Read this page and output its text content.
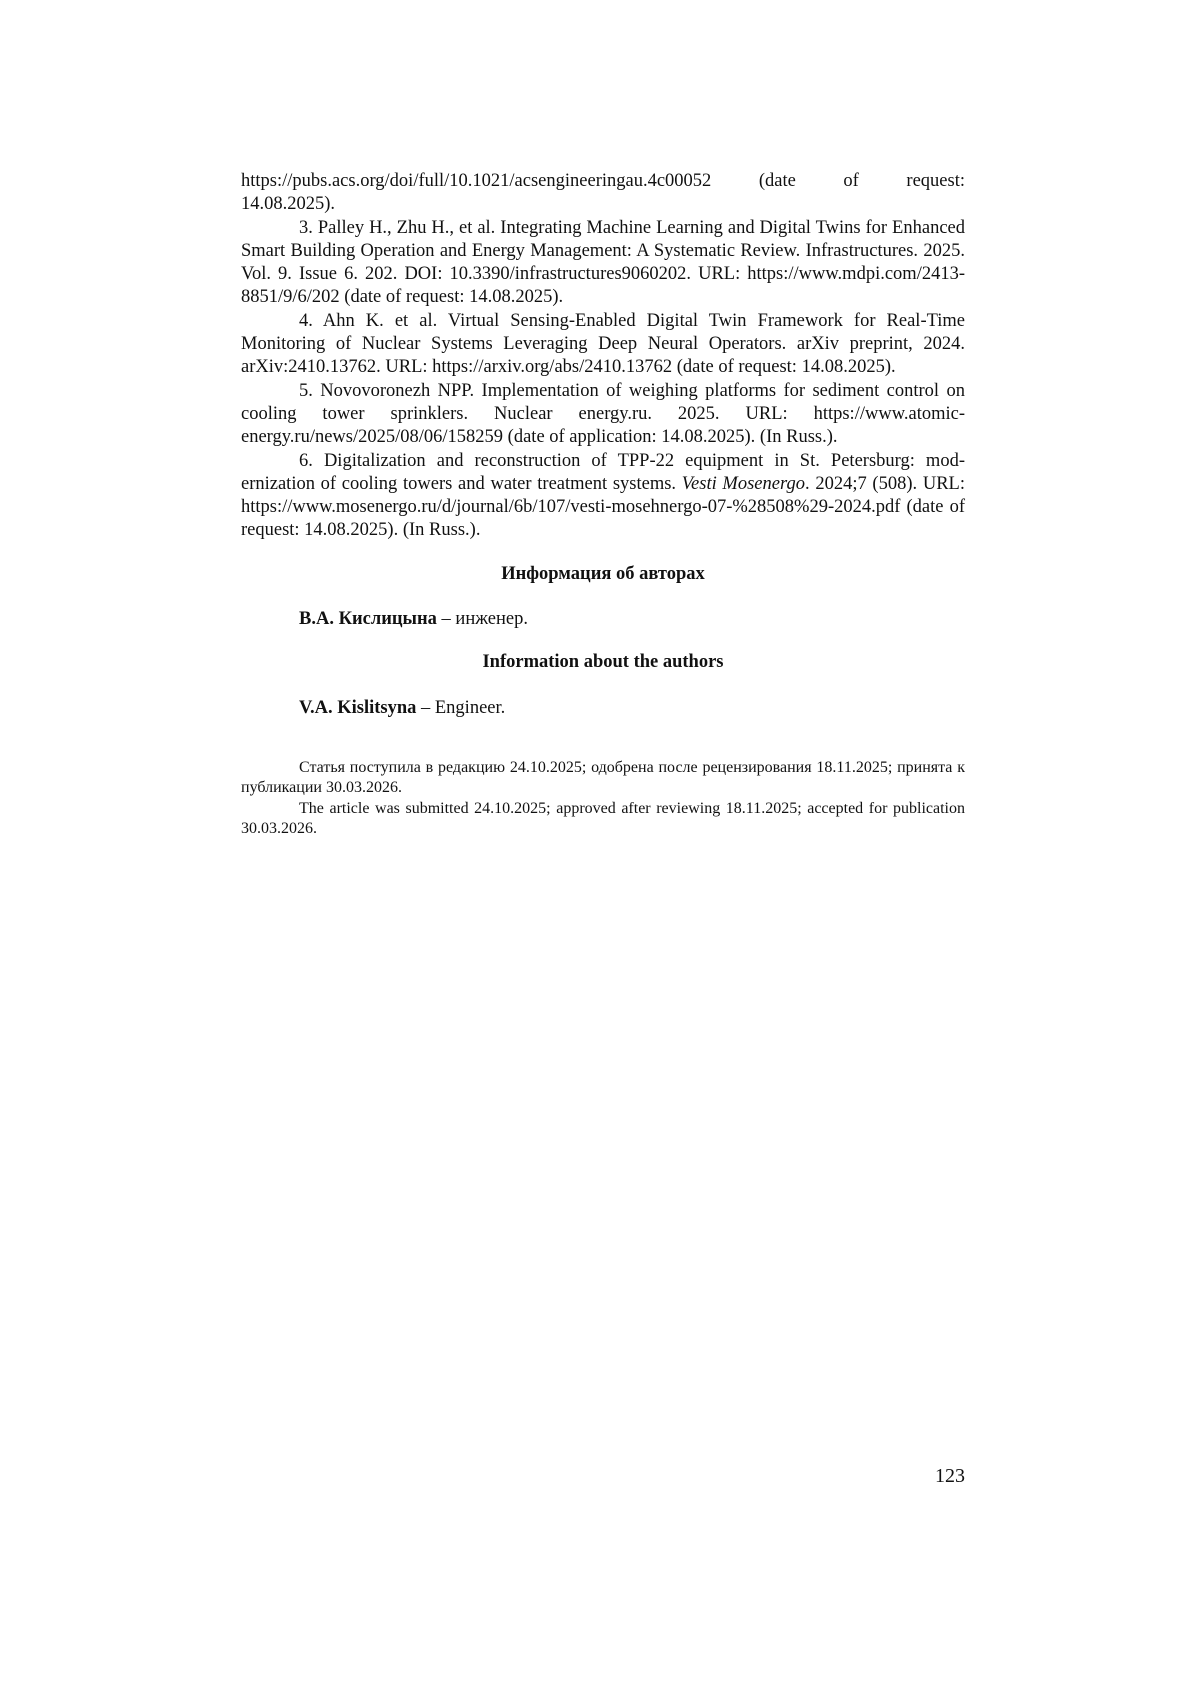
https://pubs.acs.org/doi/full/10.1021/acsengineeringau.4c00052 (date of request:

14.08.2025).

3. Palley H., Zhu H., et al. Integrating Machine Learning and Digital Twins for Enhanced Smart Building Operation and Energy Management: A Systematic Review. Infrastructures. 2025. Vol. 9. Issue 6. 202. DOI: 10.3390/infrastructures9060202. URL: https://www.mdpi.com/2413-8851/9/6/202 (date of request: 14.08.2025).

4. Ahn K. et al. Virtual Sensing-Enabled Digital Twin Framework for Real-Time Monitoring of Nuclear Systems Leveraging Deep Neural Operators. arXiv preprint, 2024. arXiv:2410.13762. URL: https://arxiv.org/abs/2410.13762 (date of request: 14.08.2025).

5. Novovoronezh NPP. Implementation of weighing platforms for sediment control on cooling tower sprinklers. Nuclear energy.ru. 2025. URL: https://www.atomicenergy.ru/news/2025/08/06/158259 (date of application: 14.08.2025). (In Russ.).

6. Digitalization and reconstruction of TPP-22 equipment in St. Petersburg: modernization of cooling towers and water treatment systems. Vesti Mosenergo. 2024;7 (508). URL: https://www.mosenergo.ru/d/journal/6b/107/vesti-mosehnergo-07-%28508%29-2024.pdf (date of request: 14.08.2025). (In Russ.).

Информация об авторах

В.А. Кислицына – инженер.

Information about the authors

V.A. Kislitsyna – Engineer.

Статья поступила в редакцию 24.10.2025; одобрена после рецензирования 18.11.2025; принята к публикации 30.03.2026.

The article was submitted 24.10.2025; approved after reviewing 18.11.2025; accepted for publication 30.03.2026.

123
